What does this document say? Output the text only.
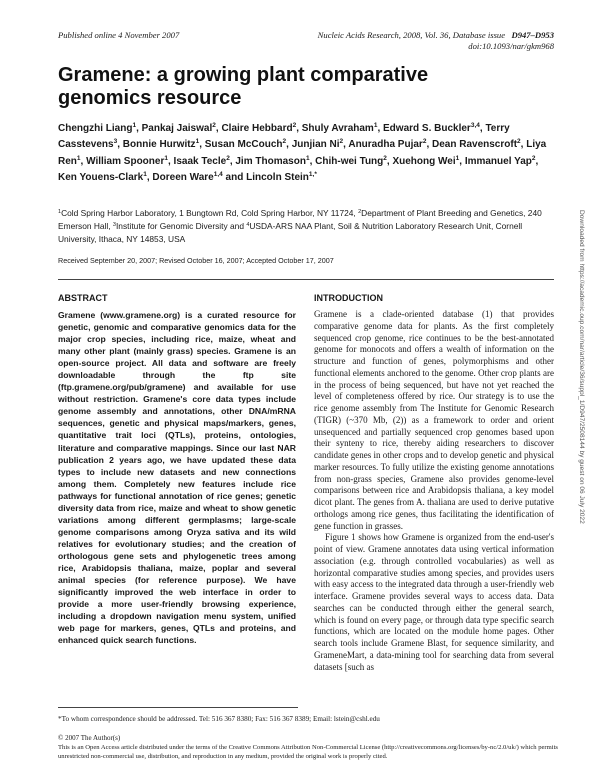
Published online 4 November 2007	Nucleic Acids Research, 2008, Vol. 36, Database issue D947–D953
doi:10.1093/nar/gkm968
Gramene: a growing plant comparative genomics resource
Chengzhi Liang$^1$, Pankaj Jaiswal$^2$, Claire Hebbard$^2$, Shuly Avraham$^1$, Edward S. Buckler$^{3,4}$, Terry Casstevens$^3$, Bonnie Hurwitz$^1$, Susan McCouch$^2$, Junjian Ni$^2$, Anuradha Pujar$^2$, Dean Ravenscroft$^2$, Liya Ren$^1$, William Spooner$^1$, Isaak Tecle$^2$, Jim Thomason$^1$, Chih-wei Tung$^2$, Xuehong Wei$^1$, Immanuel Yap$^2$, Ken Youens-Clark$^1$, Doreen Ware$^{1,4}$ and Lincoln Stein$^{1,*}$
$^1$Cold Spring Harbor Laboratory, 1 Bungtown Rd, Cold Spring Harbor, NY 11724, $^2$Department of Plant Breeding and Genetics, 240 Emerson Hall, $^3$Institute for Genomic Diversity and $^4$USDA-ARS NAA Plant, Soil & Nutrition Laboratory Research Unit, Cornell University, Ithaca, NY 14853, USA
Received September 20, 2007; Revised October 16, 2007; Accepted October 17, 2007
ABSTRACT
Gramene (www.gramene.org) is a curated resource for genetic, genomic and comparative genomics data for the major crop species, including rice, maize, wheat and many other plant (mainly grass) species. Gramene is an open-source project. All data and software are freely downloadable through the ftp site (ftp.gramene.org/pub/gramene) and available for use without restriction. Gramene's core data types include genome assembly and annotations, other DNA/mRNA sequences, genetic and physical maps/markers, genes, quantitative trait loci (QTLs), proteins, ontologies, literature and comparative mappings. Since our last NAR publication 2 years ago, we have updated these data types to include new datasets and new connections among them. Completely new features include rice pathways for functional annotation of rice genes; genetic diversity data from rice, maize and wheat to show genetic variations among different germplasms; large-scale genome comparisons among Oryza sativa and its wild relatives for evolutionary studies; and the creation of orthologous gene sets and phylogenetic trees among rice, Arabidopsis thaliana, maize, poplar and several animal species (for reference purpose). We have significantly improved the web interface in order to provide a more user-friendly browsing experience, including a dropdown navigation menu system, unified web page for markers, genes, QTLs and proteins, and enhanced quick search functions.
INTRODUCTION

Gramene is a clade-oriented database (1) that provides comparative genome data for plants. As the first completely sequenced crop genome, rice continues to be the best-annotated genome for monocots and offers a wealth of information on the structure and function of genes, polymorphisms and other functional elements anchored to the genome. Other crop plants are in the process of being sequenced, but have not yet reached the level of completeness offered by rice. Our strategy is to use the rice genome assembly from The Institute for Genomic Research (TIGR) (~370 Mb, (2)) as a framework to order and orient unsequenced and partially sequenced crop genomes based upon their synteny to rice, thereby aiding researchers to discover candidate genes in other crops and to develop genetic and physical marker resources. To fully utilize the existing genome annotations from non-grass species, Gramene also provides genome-level comparisons between rice and Arabidopsis thaliana, a key model dicot plant. The genes from A. thaliana are used to derive putative orthologs among rice genes, thus facilitating the identification of gene function in grasses.

Figure 1 shows how Gramene is organized from the end-user's point of view. Gramene annotates data using vertical information association (e.g. through controlled vocabularies) as well as horizontal comparative studies among species, and provides users with easy access to the integrated data through a user-friendly web interface. Gramene provides several ways to access data. Data searches can be conducted through either the general search, which is found on every page, or through data type specific search functions, which are located on the module home pages. Other search tools include Gramene Blast, for sequence similarity, and GrameneMart, a data-mining tool for searching data from several datasets [such as

*To whom correspondence should be addressed. Tel: 516 367 8380; Fax: 516 367 8389; Email: lstein@cshl.edu
© 2007 The Author(s)
This is an Open Access article distributed under the terms of the Creative Commons Attribution Non-Commercial License (http://creativecommons.org/licenses/by-nc/2.0/uk/) which permits unrestricted non-commercial use, distribution, and reproduction in any medium, provided the original work is properly cited.
Downloaded from https://academic.oup.com/nar/article/36/suppl_1/D947/2508144 by guest on 06 July 2022
